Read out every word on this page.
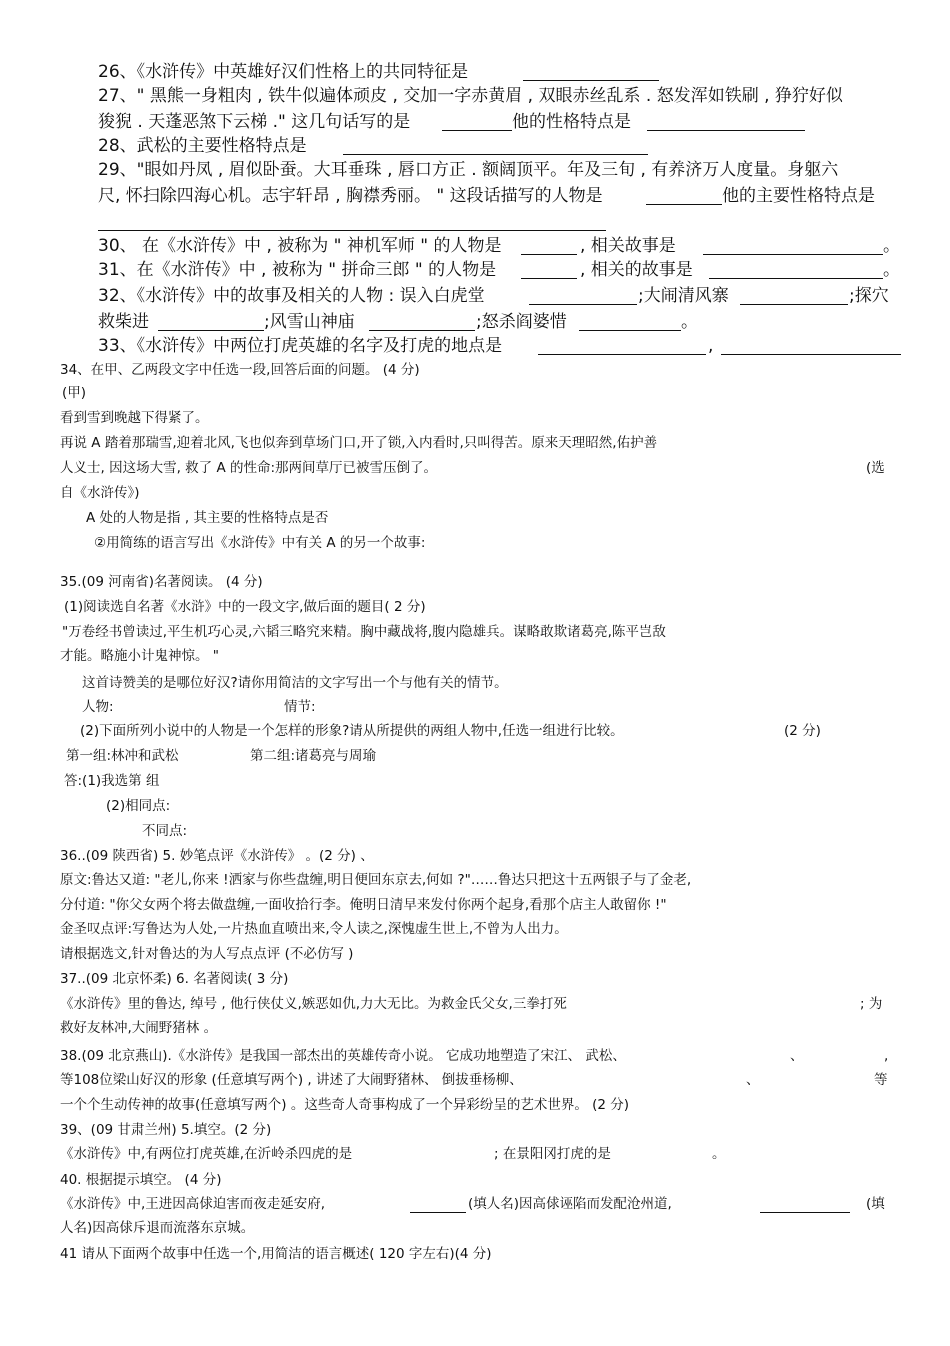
26、《水浒传》中英雄好汉们性格上的共同特征是
27、" 黑熊一身粗肉 , 铁牛似遍体顽皮 , 交加一字赤黄眉 , 双眼赤丝乱系 . 怒发浑如铁刷 , 狰狞好似
狻猊 . 天蓬恶煞下云梯 ." 这几句话写的是	他的性格特点是
28、武松的主要性格特点是
29、"眼如丹凤 , 眉似卧蚕。大耳垂珠 , 唇口方正 . 额阔顶平。年及三旬 , 有养济万人度量。身躯六
尺, 怀扫除四海心机。志宇轩昂 , 胸襟秀丽。 " 这段话描写的人物是	他的主要性格特点是
30、 在《水浒传》中 , 被称为 " 神机军师 " 的人物是	, 相关故事是	。
31、在《水浒传》中 , 被称为 " 拼命三郎 " 的人物是	, 相关的故事是	。
32、《水浒传》中的故事及相关的人物 : 误入白虎堂	;大闹清风寨	;探穴
救柴进	;风雪山神庙	;怒杀阎婆惜	。
33、《水浒传》中两位打虎英雄的名字及打虎的地点是	,
34、在甲、乙两段文字中任选一段,回答后面的问题。 (4 分)
(甲)
看到雪到晚越下得紧了。
再说 A 踏着那瑞雪,迎着北风,飞也似奔到草场门口,开了锁,入内看时,只叫得苦。原来天理昭然,佑护善
人义士, 因这场大雪, 救了 A 的性命:那两间草厅已被雪压倒了。	(选
自《水浒传》)
A 处的人物是指 , 其主要的性格特点是否
②用简练的语言写出《水浒传》中有关 A 的另一个故事:
35.(09 河南省)名著阅读。 (4 分)
(1)阅读选自名著《水浒》中的一段文字,做后面的题目( 2 分)
"万卷经书曾读过,平生机巧心灵,六韬三略究来精。胸中藏战将,腹内隐雄兵。谋略敢欺诸葛亮,陈平岂敌
才能。略施小计鬼神惊。 "
这首诗赞美的是哪位好汉?请你用简洁的文字写出一个与他有关的情节。
人物:	情节:
(2)下面所列小说中的人物是一个怎样的形象?请从所提供的两组人物中,任选一组进行比较。	(2 分)
第一组:林冲和武松	第二组:诸葛亮与周瑜
答:(1)我选第 组
(2)相同点:
不同点:
36..(09 陕西省) 5. 妙笔点评《水浒传》 。(2 分) 、
原文:鲁达又道: "老儿,你来 !洒家与你些盘缠,明日便回东京去,何如 ?"……鲁达只把这十五两银子与了金老,
分付道: "你父女两个将去做盘缠,一面收拾行李。俺明日清早来发付你两个起身,看那个店主人敢留你 !"
金圣叹点评:写鲁达为人处,一片热血直喷出来,令人读之,深愧虚生世上,不曾为人出力。
请根据选文,针对鲁达的为人写点点评 (不必仿写 )
37..(09 北京怀柔) 6. 名著阅读( 3 分)
《水浒传》里的鲁达, 绰号 , 他行侠仗义,嫉恶如仇,力大无比。为救金氏父女,三拳打死	; 为
救好友林冲,大闹野猪林 。
38.(09 北京燕山).《水浒传》是我国一部杰出的英雄传奇小说。 它成功地塑造了宋江、 武松、	、	,
等108位梁山好汉的形象 (任意填写两个) , 讲述了大闹野猪林、 倒拔垂杨柳、	、	等
一个个生动传神的故事(任意填写两个) 。这些奇人奇事构成了一个异彩纷呈的艺术世界。 (2 分)
39、(09 甘肃兰州) 5.填空。(2 分)
《水浒传》中,有两位打虎英雄,在沂岭杀四虎的是	; 在景阳冈打虎的是	。
40. 根据提示填空。 (4 分)
《水浒传》中,王进因高俅迫害而夜走延安府,	(填人名)因高俅诬陷而发配沧州道,	(填
人名)因高俅斥退而流落东京城。
41 请从下面两个故事中任选一个,用简洁的语言概述( 120 字左右)(4 分)
